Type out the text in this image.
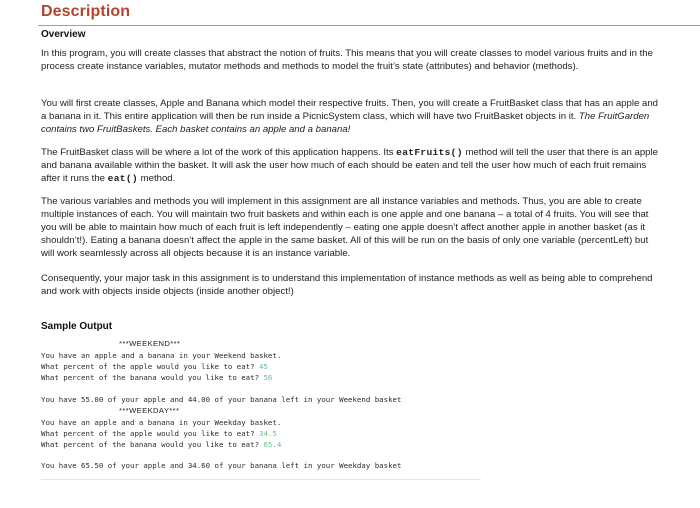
Description
Overview
In this program, you will create classes that abstract the notion of fruits. This means that you will create classes to model various fruits and in the process create instance variables, mutator methods and methods to model the fruit’s state (attributes) and behavior (methods).
You will first create classes, Apple and Banana which model their respective fruits. Then, you will create a FruitBasket class that has an apple and a banana in it. This entire application will then be run inside a PicnicSystem class, which will have two FruitBasket objects in it. The FruitGarden contains two FruitBaskets. Each basket contains an apple and a banana!
The FruitBasket class will be where a lot of the work of this application happens. Its eatFruits() method will tell the user that there is an apple and banana available within the basket. It will ask the user how much of each should be eaten and tell the user how much of each fruit remains after it runs the eat() method.
The various variables and methods you will implement in this assignment are all instance variables and methods. Thus, you are able to create multiple instances of each. You will maintain two fruit baskets and within each is one apple and one banana – a total of 4 fruits. You will see that you will be able to maintain how much of each fruit is left independently – eating one apple doesn’t affect another apple in another basket (as it shouldn’t!). Eating a banana doesn’t affect the apple in the same basket. All of this will be run on the basis of only one variable (percentLeft) but will work seamlessly across all objects because it is an instance variable.
Consequently, your major task in this assignment is to understand this implementation of instance methods as well as being able to comprehend and work with objects inside objects (inside another object!)
Sample Output
***WEEKEND***
You have an apple and a banana in your Weekend basket.
What percent of the apple would you like to eat? 45
What percent of the banana would you like to eat? 56
You have 55.00 of your apple and 44.00 of your banana left in your Weekend basket
***WEEKDAY***
You have an apple and a banana in your Weekday basket.
What percent of the apple would you like to eat? 34.5
What percent of the banana would you like to eat? 65.4
You have 65.50 of your apple and 34.60 of your banana left in your Weekday basket
